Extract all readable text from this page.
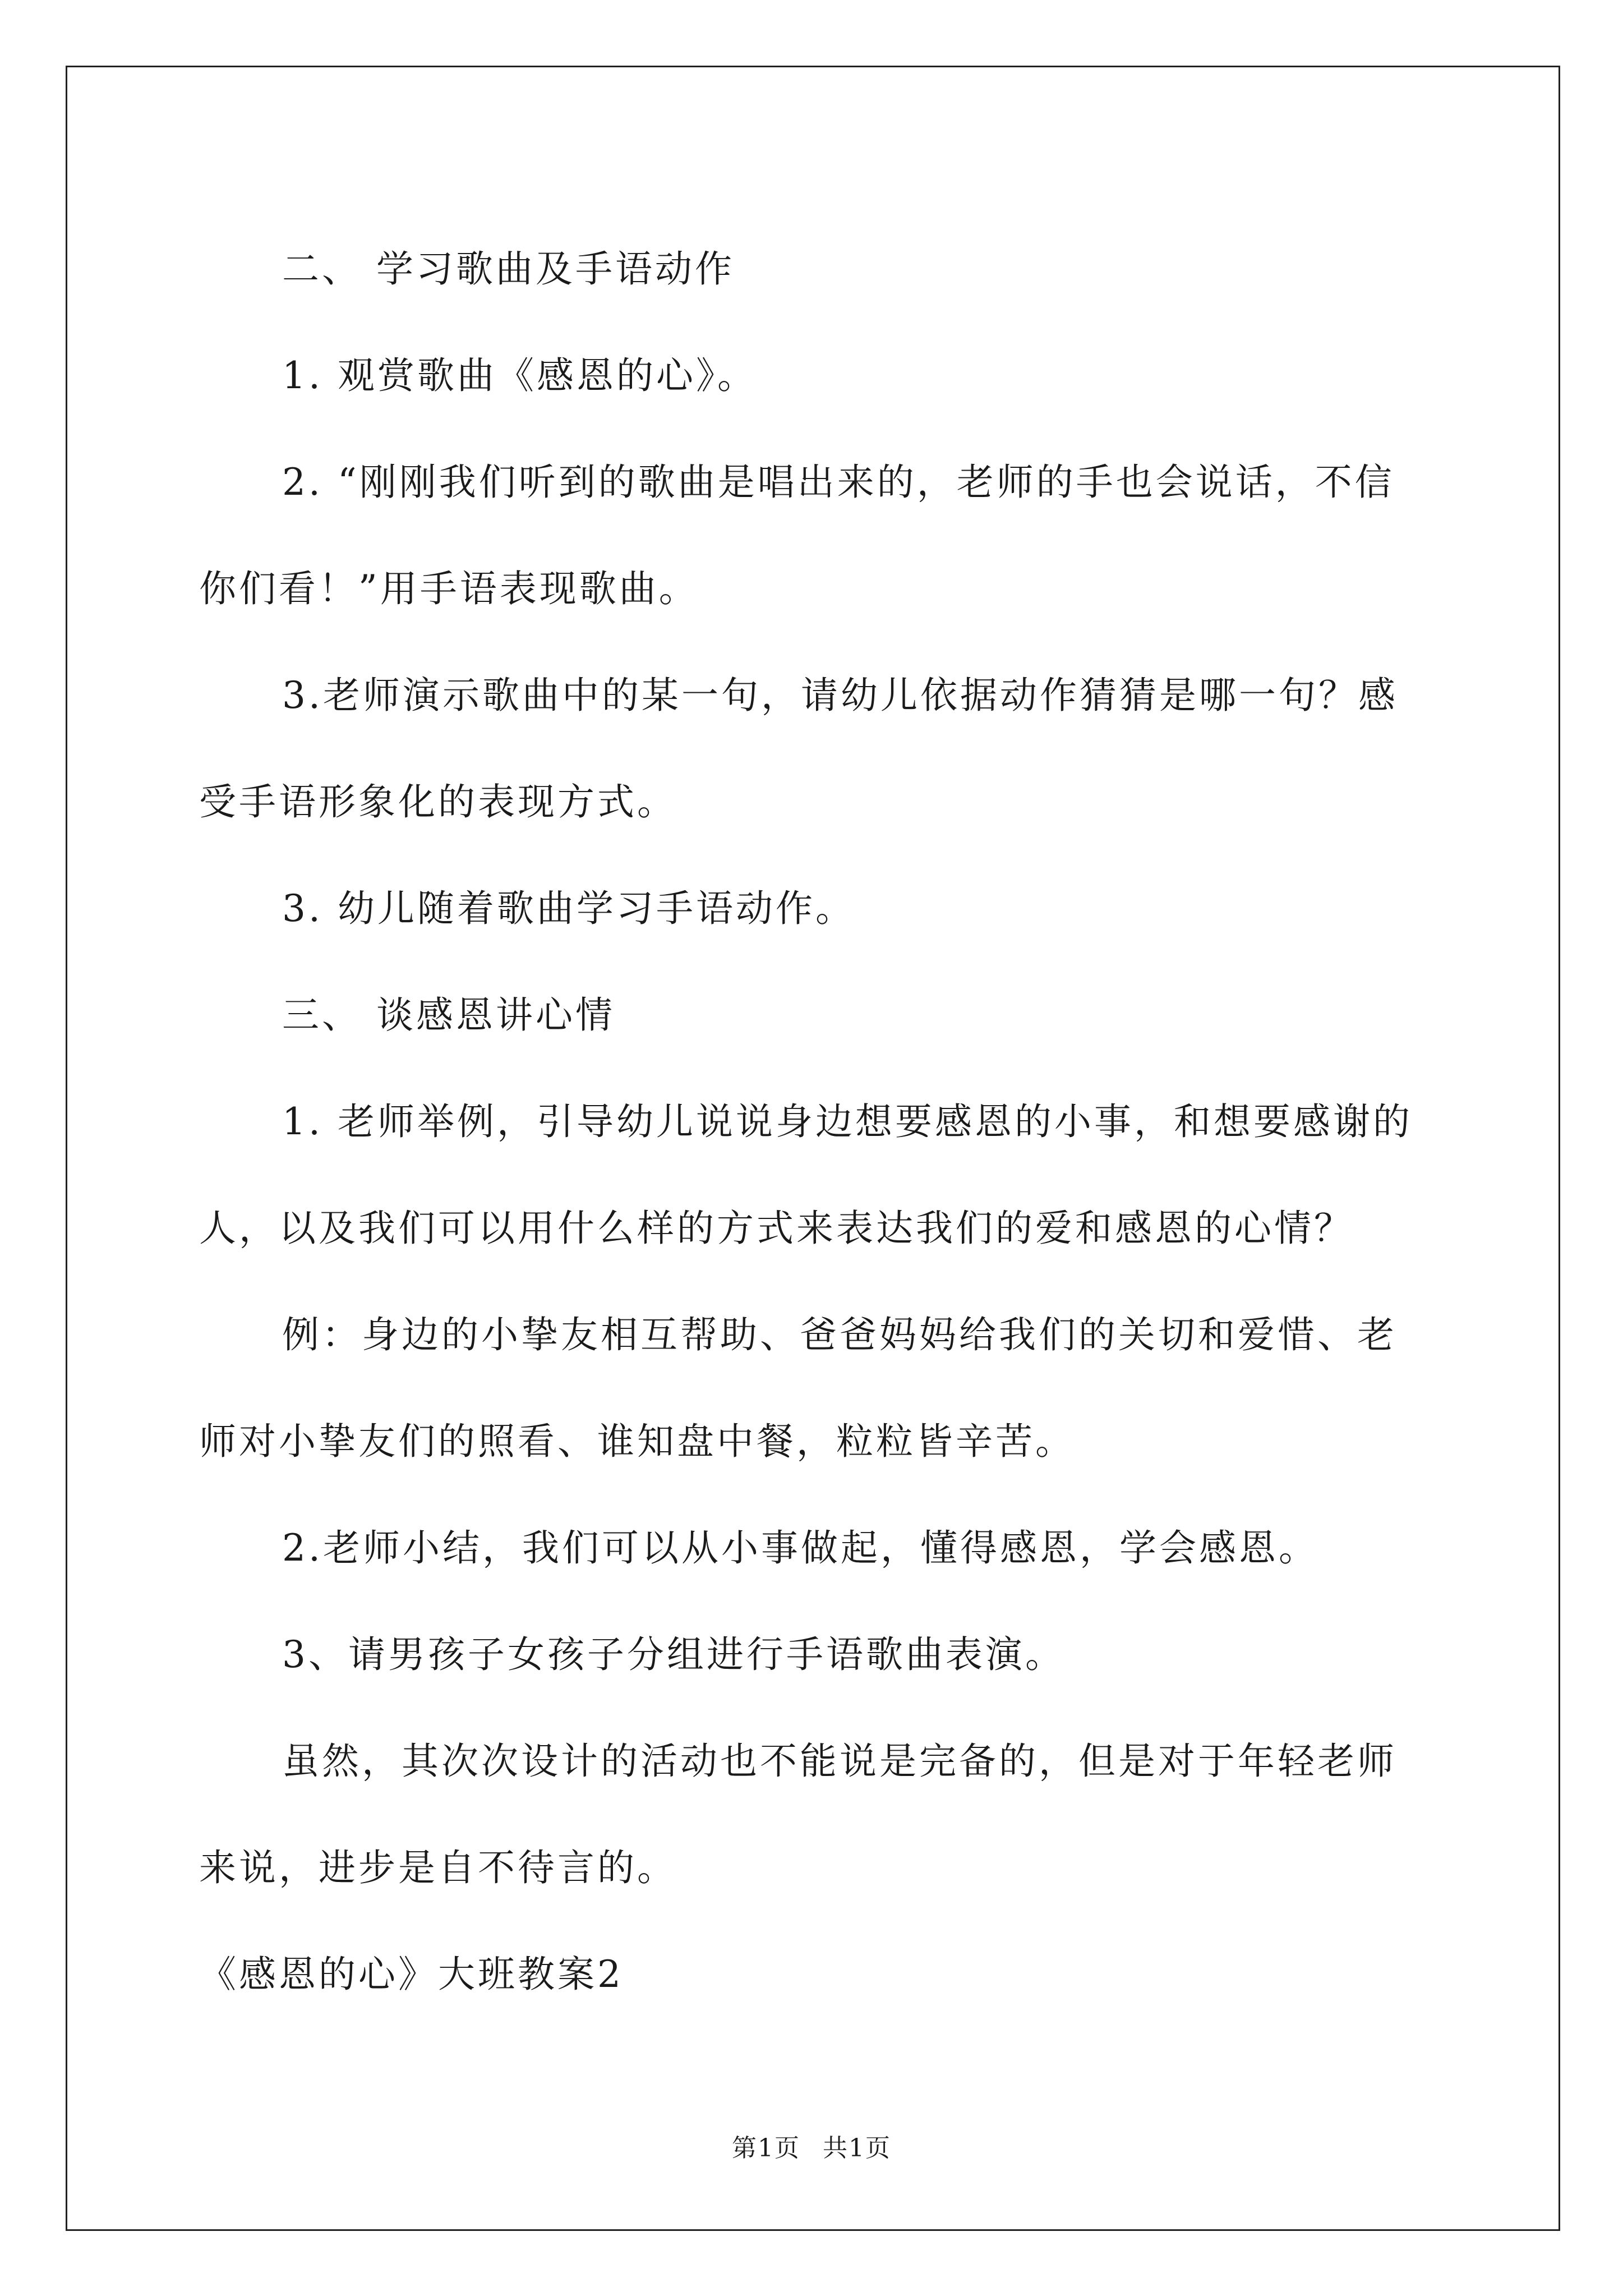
二、 学习歌曲及手语动作

1. 观赏歌曲《感恩的心》。

2. “刚刚我们听到的歌曲是唱出来的，老师的手也会说话，不信你们看！”用手语表现歌曲。

3.老师演示歌曲中的某一句，请幼儿依据动作猜猜是哪一句？感受手语形象化的表现方式。

3. 幼儿随着歌曲学习手语动作。

三、 谈感恩讲心情

1. 老师举例，引导幼儿说说身边想要感恩的小事，和想要感谢的人，以及我们可以用什么样的方式来表达我们的爱和感恩的心情？

例：身边的小挚友相互帮助、爸爸妈妈给我们的关切和爱惜、老师对小挚友们的照看、谁知盘中餐，粒粒皆辛苦。

2.老师小结，我们可以从小事做起，懂得感恩，学会感恩。

3、请男孩子女孩子分组进行手语歌曲表演。

虽然，其次次设计的活动也不能说是完备的，但是对于年轻老师来说，进步是自不待言的。

《感恩的心》大班教案2

第1页 共1页
